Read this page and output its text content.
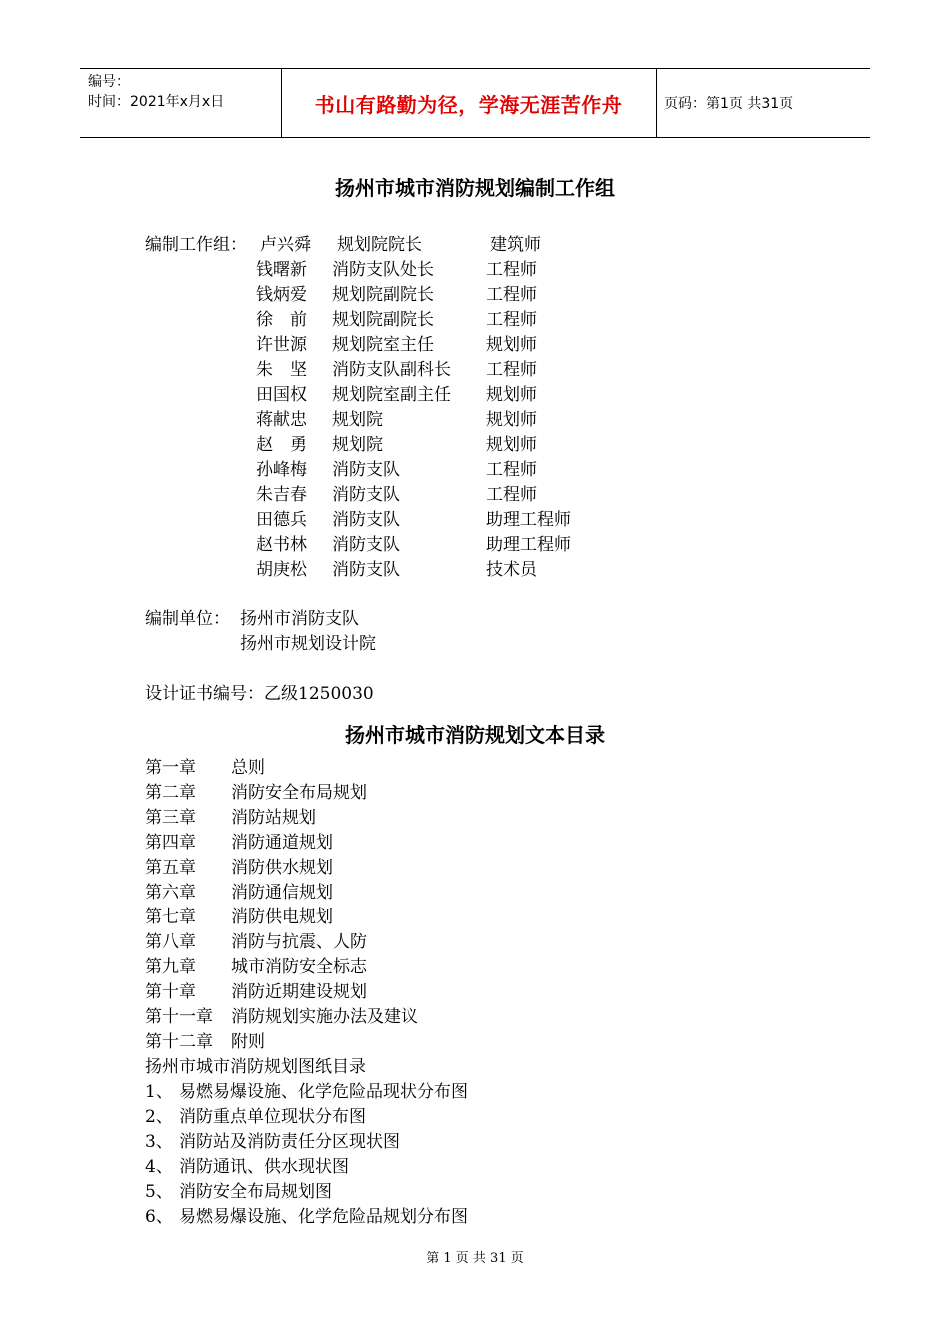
编号：
时间：2021年x月x日	书山有路勤为径，学海无涯苦作舟	页码：第1页 共31页
扬州市城市消防规划编制工作组
编制工作组： 卢兴舜 规划院院长	建筑师
钱曙新 消防支队处长	工程师
钱炳爱 规划院副院长	工程师
徐　前 规划院副院长	工程师
许世源 规划院室主任	规划师
朱　坚 消防支队副科长 工程师
田国权 规划院室副主任 规划师
蒋献忠 规划院	规划师
赵　勇 规划院	规划师
孙峰梅 消防支队	工程师
朱吉春 消防支队	工程师
田德兵 消防支队	助理工程师
赵书林 消防支队	助理工程师
胡庚松 消防支队	技术员
编制单位： 扬州市消防支队
扬州市规划设计院
设计证书编号：乙级1250030
扬州市城市消防规划文本目录
第一章 总则
第二章 消防安全布局规划
第三章 消防站规划
第四章 消防通道规划
第五章 消防供水规划
第六章 消防通信规划
第七章 消防供电规划
第八章 消防与抗震、人防
第九章 城市消防安全标志
第十章 消防近期建设规划
第十一章 消防规划实施办法及建议
第十二章 附则
扬州市城市消防规划图纸目录
1、 易燃易爆设施、化学危险品现状分布图
2、 消防重点单位现状分布图
3、 消防站及消防责任分区现状图
4、 消防通讯、供水现状图
5、 消防安全布局规划图
6、 易燃易爆设施、化学危险品规划分布图
第 1 页 共 31 页
